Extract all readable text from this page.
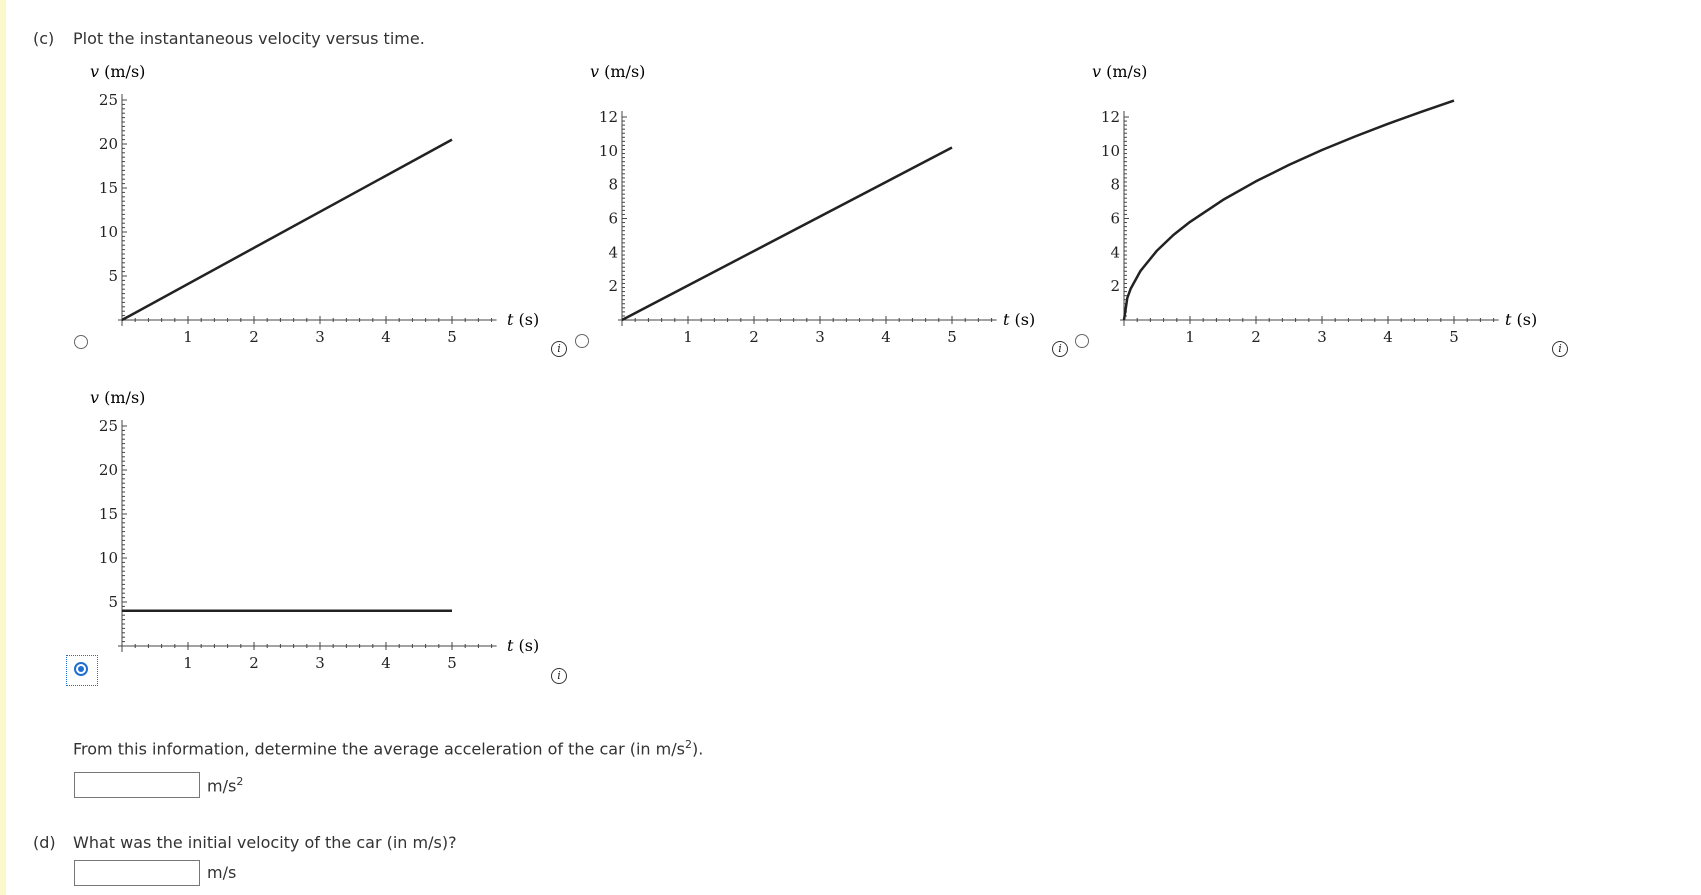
(c) Plot the instantaneous velocity versus time.
v (m/s)
t (s)
1	2	3	4	5
5
10
15
20
25
i
v (m/s)
t (s)
1	2	3	4	5
2
4
6
8
10
12
i
v (m/s)
t (s)
1	2	3	4	5
2
4
6
8
10
12
i
v (m/s)
t (s)
1	2	3	4	5
5
10
15
20
25
i
From this information, determine the average acceleration of the car (in $m/s^2$).
$m/s^2$
(d) What was the initial velocity of the car (in m/s)?
m/s
